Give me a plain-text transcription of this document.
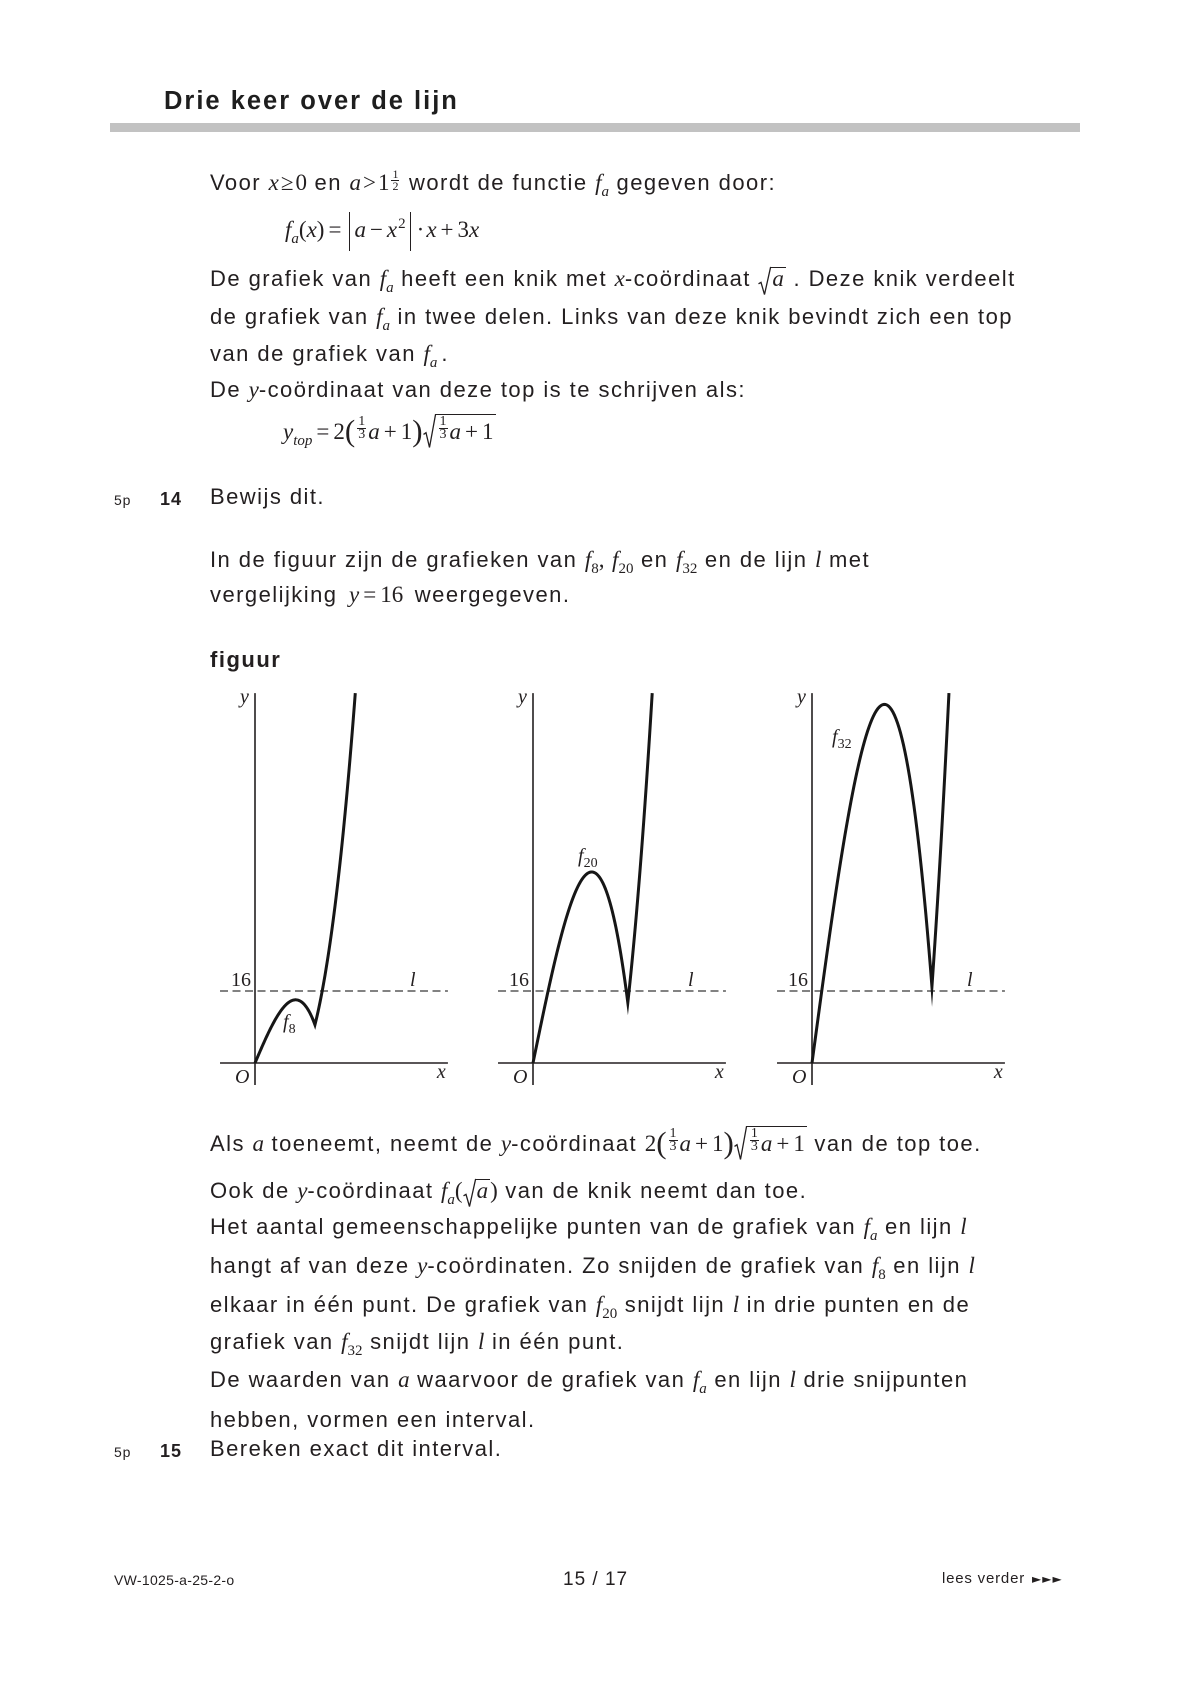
Drie keer over de lijn
Voor x≥0 en $a>1 \frac{1}{2}$ wordt de functie $f_a$ gegeven door:
$f_a(x) = a - x^2 \cdot x + 3x$
De grafiek van $f_a$ heeft een knik met x-coördinaat a . Deze knik verdeelt
de grafiek van $f_a$ in twee delen. Links van deze knik bevindt zich een top
van de grafiek van $f_a$ .
De y-coördinaat van deze top is te schrijven als:
$y_{top} = 2( \frac{1}{3}$ $a + 1) \frac{1}{3}$ a + 1
5p 14 Bewijs dit.
In de figuur zijn de grafieken van $f_8$, $f_{20}$ en $f_{32}$ en de lijn l met
vergelijking y = 16 weergegeven.
figuur
y
O	x
16	l
$f_8$
y
O	x
16	l
$f_{20}$
y
O	x
16	l
$f_{32}$
Als a toeneemt, neemt de y-coördinaat $2( \frac{1}{3}$ $a + 1) \frac{1}{3}$ a + 1 van de top toe.
Ook de y-coördinaat $f_a$( a) van de knik neemt dan toe.
Het aantal gemeenschappelijke punten van de grafiek van $f_a$ en lijn l
hangt af van deze y-coördinaten. Zo snijden de grafiek van $f_8$ en lijn l
elkaar in één punt. De grafiek van $f_{20}$ snijdt lijn l in drie punten en de
grafiek van $f_{32}$ snijdt lijn l in één punt.
De waarden van a waarvoor de grafiek van $f_a$ en lijn l drie snijpunten
hebben, vormen een interval.
5p 15 Bereken exact dit interval.
VW-1025-a-25-2-o	15 / 17	lees verder ►►►
